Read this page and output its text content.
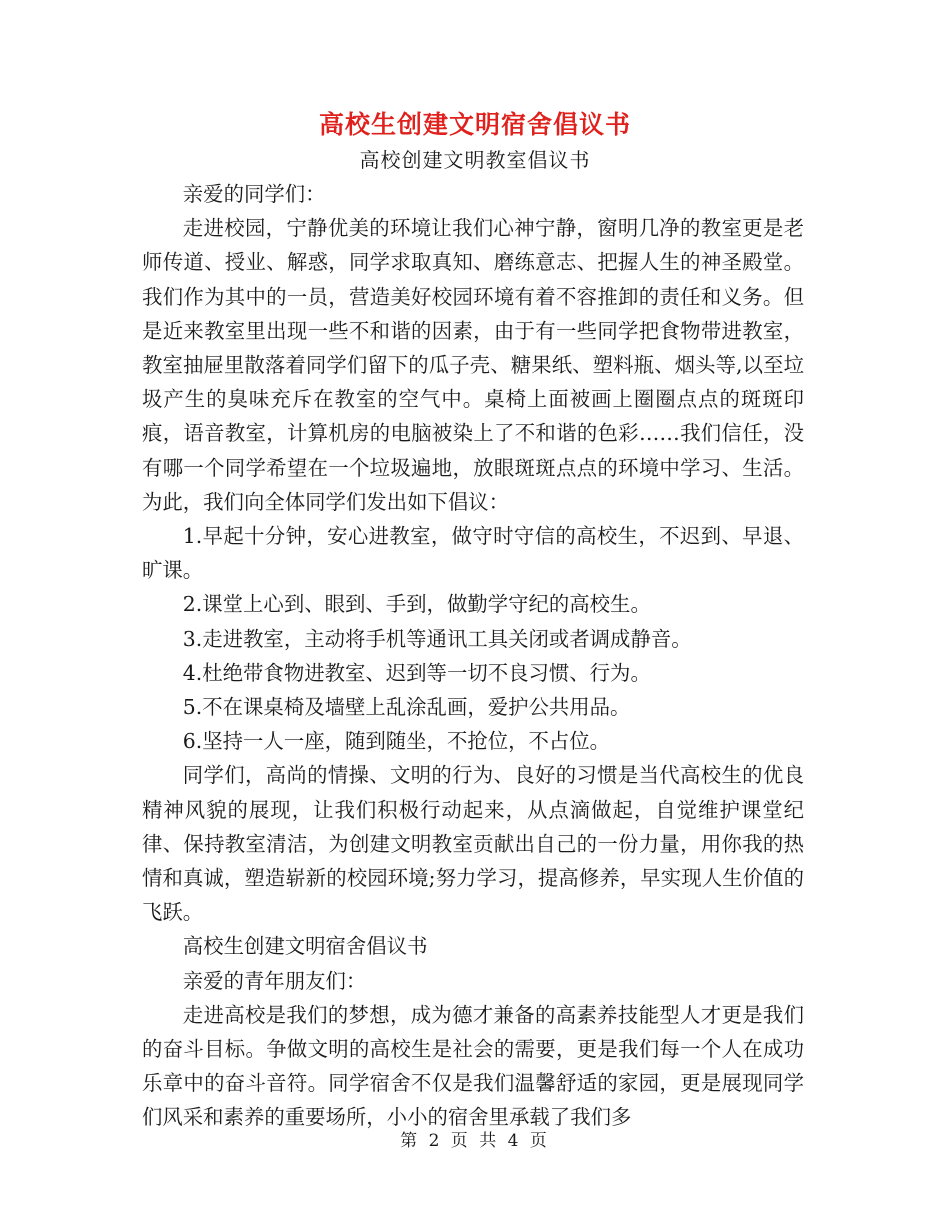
高校生创建文明宿舍倡议书
高校创建文明教室倡议书

亲爱的同学们：

走进校园，宁静优美的环境让我们心神宁静，窗明几净的教室更是老师传道、授业、解惑，同学求取真知、磨练意志、把握人生的神圣殿堂。我们作为其中的一员，营造美好校园环境有着不容推卸的责任和义务。但是近来教室里出现一些不和谐的因素，由于有一些同学把食物带进教室，教室抽屉里散落着同学们留下的瓜子壳、糖果纸、塑料瓶、烟头等,以至垃圾产生的臭味充斥在教室的空气中。桌椅上面被画上圈圈点点的斑斑印痕，语音教室，计算机房的电脑被染上了不和谐的色彩……我们信任，没有哪一个同学希望在一个垃圾遍地，放眼斑斑点点的环境中学习、生活。为此，我们向全体同学们发出如下倡议：

1.早起十分钟，安心进教室，做守时守信的高校生，不迟到、早退、旷课。

2.课堂上心到、眼到、手到，做勤学守纪的高校生。

3.走进教室，主动将手机等通讯工具关闭或者调成静音。

4.杜绝带食物进教室、迟到等一切不良习惯、行为。

5.不在课桌椅及墙壁上乱涂乱画，爱护公共用品。

6.坚持一人一座，随到随坐，不抢位，不占位。

同学们，高尚的情操、文明的行为、良好的习惯是当代高校生的优良精神风貌的展现，让我们积极行动起来，从点滴做起，自觉维护课堂纪律、保持教室清洁，为创建文明教室贡献出自己的一份力量，用你我的热情和真诚，塑造崭新的校园环境;努力学习，提高修养，早实现人生价值的飞跃。

高校生创建文明宿舍倡议书

亲爱的青年朋友们：

走进高校是我们的梦想，成为德才兼备的高素养技能型人才更是我们的奋斗目标。争做文明的高校生是社会的需要，更是我们每一个人在成功乐章中的奋斗音符。同学宿舍不仅是我们温馨舒适的家园，更是展现同学们风采和素养的重要场所，小小的宿舍里承载了我们多

第 2 页 共 4 页
